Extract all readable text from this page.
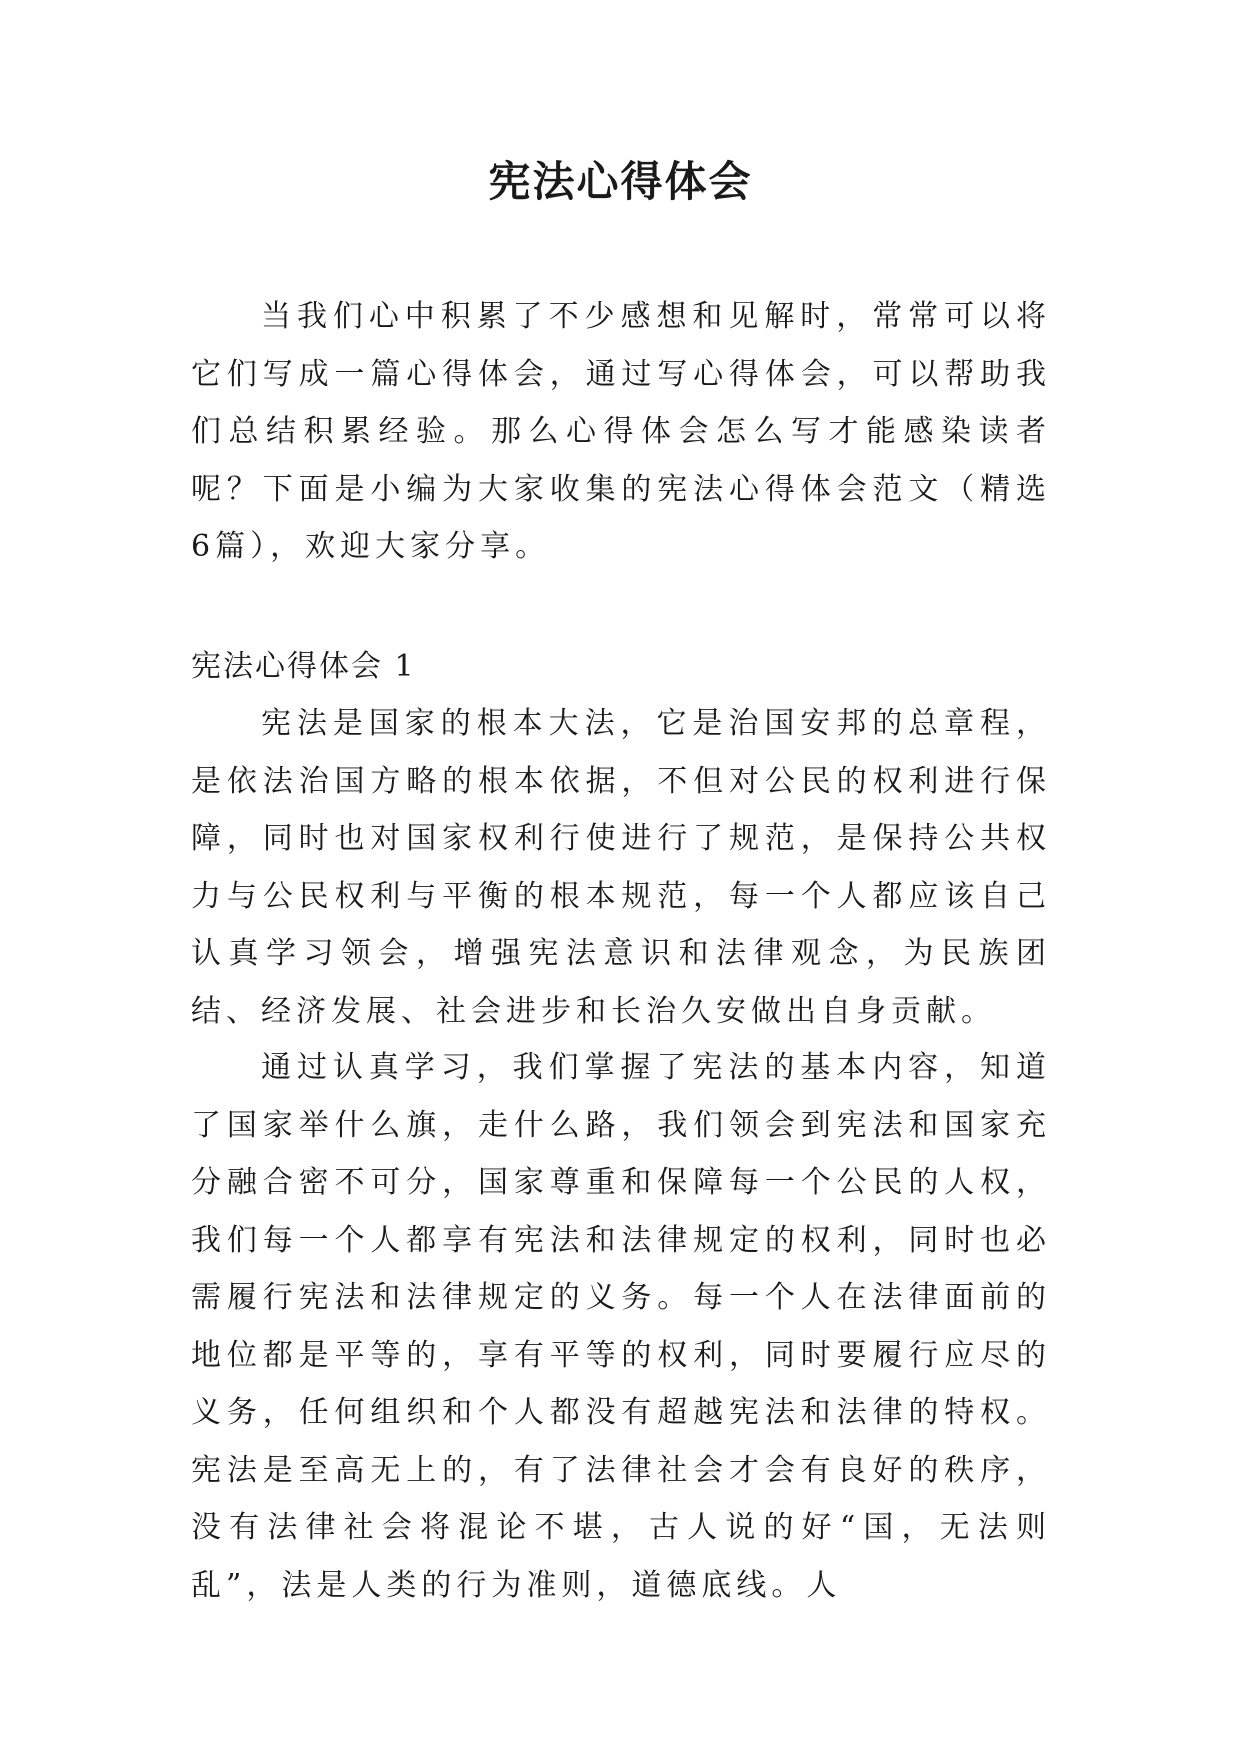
宪法心得体会

当我们心中积累了不少感想和见解时，常常可以将它们写成一篇心得体会，通过写心得体会，可以帮助我们总结积累经验。那么心得体会怎么写才能感染读者呢？下面是小编为大家收集的宪法心得体会范文（精选6篇），欢迎大家分享。

宪法心得体会 1

宪法是国家的根本大法，它是治国安邦的总章程，是依法治国方略的根本依据，不但对公民的权利进行保障，同时也对国家权利行使进行了规范，是保持公共权力与公民权利与平衡的根本规范，每一个人都应该自己认真学习领会，增强宪法意识和法律观念，为民族团结、经济发展、社会进步和长治久安做出自身贡献。

通过认真学习，我们掌握了宪法的基本内容，知道了国家举什么旗，走什么路，我们领会到宪法和国家充分融合密不可分，国家尊重和保障每一个公民的人权，我们每一个人都享有宪法和法律规定的权利，同时也必需履行宪法和法律规定的义务。每一个人在法律面前的地位都是平等的，享有平等的权利，同时要履行应尽的义务，任何组织和个人都没有超越宪法和法律的特权。宪法是至高无上的，有了法律社会才会有良好的秩序，没有法律社会将混论不堪，古人说的好“国，无法则乱”，法是人类的行为准则，道德底线。人
